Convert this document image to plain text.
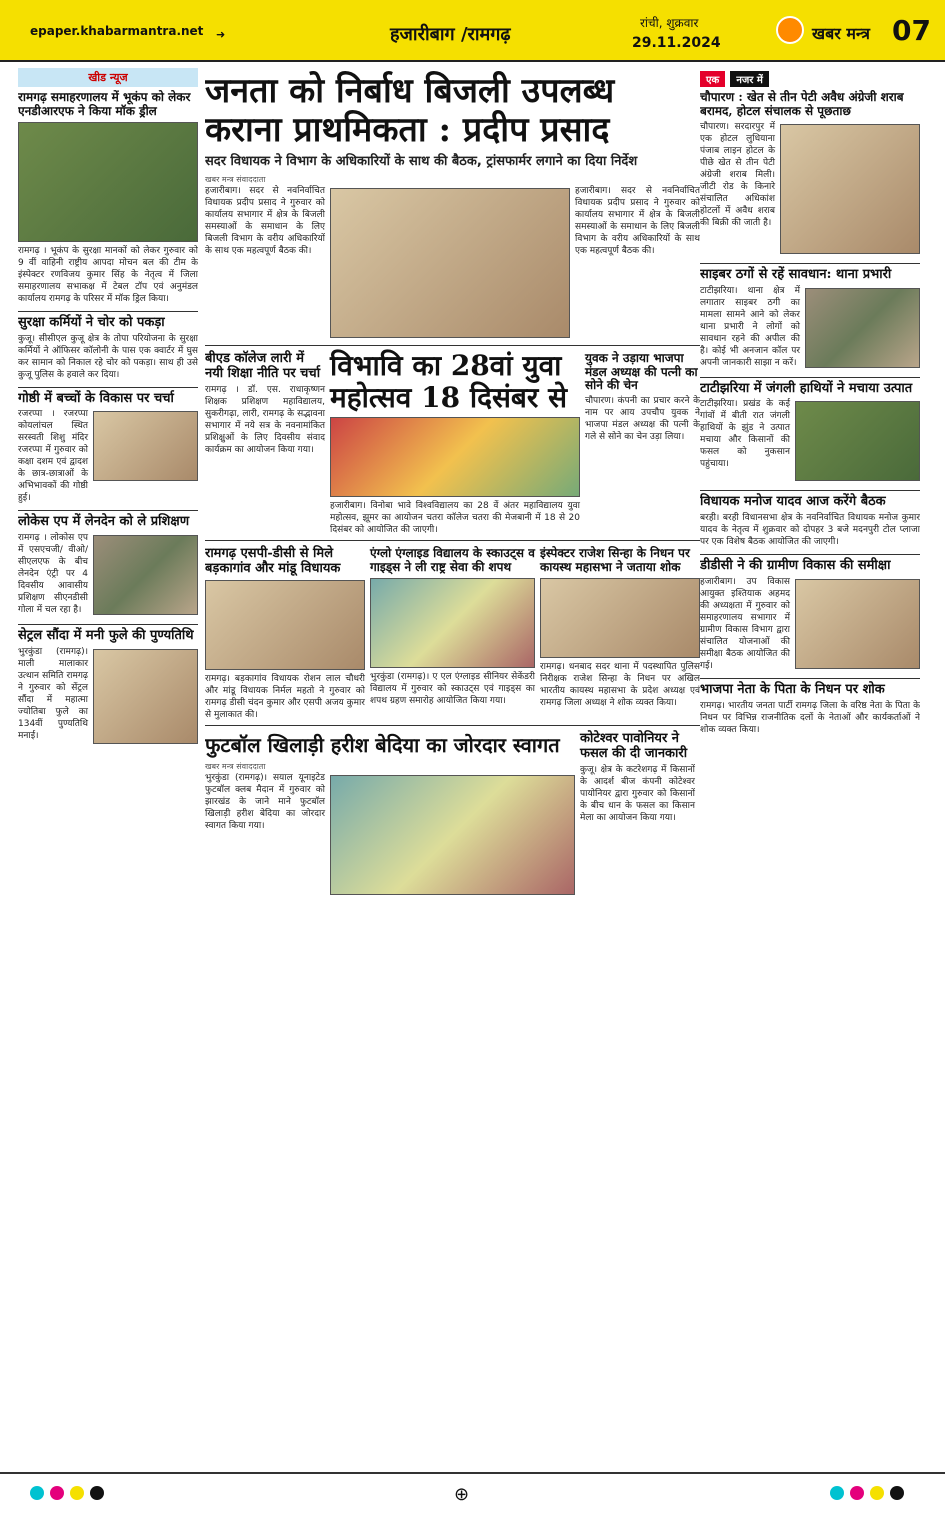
epaper.khabarmantra.net ➜	हजारीबाग /रामगढ़
रांची, शुक्रवार
29.11.2024	खबर मन्त्र 07
खीड न्यूज
रामगढ़ समाहरणालय में भूकंप को लेकर एनडीआरएफ ने किया मॉक ड्रील

रामगढ़ । भूकंप के सुरक्षा मानकों को लेकर गुरुवार को 9 वीं वाहिनी राष्ट्रीय आपदा मोचन बल की टीम के इंस्पेक्टर रणविजय कुमार सिंह के नेतृत्व में जिला समाहरणालय सभाकक्ष में टेबल टॉप एवं अनुमंडल कार्यालय रामगढ़ के परिसर में मॉक ड्रिल किया।

सुरक्षा कर्मियों ने चोर को पकड़ा

कुजू। सीसीएल कुजू क्षेत्र के तोपा परियोजना के सुरक्षा कर्मियों ने ऑफिसर कॉलोनी के पास एक क्वार्टर में घुस कर सामान को निकाल रहे चोर को पकड़ा। साथ ही उसे कुजू पुलिस के हवाले कर दिया।

गोष्ठी में बच्चों के विकास पर चर्चा

रजरप्पा । रजरप्पा कोयलांचल स्थित सरस्वती शिशु मंदिर रजरप्पा में गुरुवार को कक्षा दशम एवं द्वादश के छात्र-छात्राओं के अभिभावकों की गोष्ठी हुई।

लोकेस एप में लेनदेन को ले प्रशिक्षण

रामगढ़ । लोकोस एप में एसएचजी/ वीओ/ सीएलएफ के बीच लेनदेन एंट्री पर 4 दिवसीय आवासीय प्रशिक्षण सीएनडीसी गोला में चल रहा है।

सेट्रल सौंदा में मनी फुले की पुण्यतिथि

भुरकुंडा (रामगढ़)। माली मालाकार उत्थान समिति रामगढ़ ने गुरुवार को सेंट्रल सौंदा में महात्मा ज्योतिबा फुले का 134वीं पुण्यतिथि मनाई।

जनता को निर्बाध बिजली उपलब्ध कराना प्राथमिकता : प्रदीप प्रसाद
सदर विधायक ने विभाग के अधिकारियों के साथ की बैठक, ट्रांसफार्मर लगाने का दिया निर्देश
खबर मन्त्र संवाददाता

हजारीबाग। सदर से नवनिर्वाचित विधायक प्रदीप प्रसाद ने गुरुवार को कार्यालय सभागार में क्षेत्र के बिजली समस्याओं के समाधान के लिए बिजली विभाग के वरीय अधिकारियों के साथ एक महत्वपूर्ण बैठक की।

हजारीबाग। सदर से नवनिर्वाचित विधायक प्रदीप प्रसाद ने गुरुवार को कार्यालय सभागार में क्षेत्र के बिजली समस्याओं के समाधान के लिए बिजली विभाग के वरीय अधिकारियों के साथ एक महत्वपूर्ण बैठक की।

बीएड कॉलेज लारी में नयी शिक्षा नीति पर चर्चा

रामगढ़ । डॉ. एस. राधाकृष्णन शिक्षक प्रशिक्षण महाविद्यालय, सुकरीगढ़ा, लारी, रामगढ़ के सद्भावना सभागार में नये सत्र के नवनामांकित प्रशिक्षुओं के लिए दिवसीय संवाद कार्यक्रम का आयोजन किया गया।

विभावि का 28वां युवा महोत्सव 18 दिसंबर से

हजारीबाग। विनोबा भावे विश्वविद्यालय का 28 वें अंतर महाविद्यालय युवा महोत्सव, झूमर का आयोजन चतरा कॉलेज चतरा की मेजबानी में 18 से 20 दिसंबर को आयोजित की जाएगी।

युवक ने उड़ाया भाजपा मंडल अध्यक्ष की पत्नी का सोने की चेन

चौपारण। कंपनी का प्रचार करने के नाम पर आय उपचौप युवक ने भाजपा मंडल अध्यक्ष की पत्नी के गले से सोने का चेन उड़ा लिया।

रामगढ़ एसपी-डीसी से मिले बड़कागांव और मांडू विधायक

रामगढ़। बड़कागांव विधायक रोशन लाल चौधरी और मांडू विधायक निर्मल महतो ने गुरुवार को रामगढ़ डीसी चंदन कुमार और एसपी अजय कुमार से मुलाकात की।

एंग्लो एंग्लाइड विद्यालय के स्काउट्स व गाइड्स ने ली राष्ट्र सेवा की शपथ

भुरकुंडा (रामगढ़)। ए एल एंग्लाइड सीनियर सेकेंडरी विद्यालय में गुरुवार को स्काउट्स एवं गाइड्स का शपथ ग्रहण समारोह आयोजित किया गया।

इंस्पेक्टर राजेश सिन्हा के निधन पर कायस्थ महासभा ने जताया शोक

रामगढ़। धनबाद सदर थाना में पदस्थापित पुलिस निरीक्षक राजेश सिन्हा के निधन पर अखिल भारतीय कायस्थ महासभा के प्रदेश अध्यक्ष एवं रामगढ़ जिला अध्यक्ष ने शोक व्यक्त किया।

फुटबॉल खिलाड़ी हरीश बेदिया का जोरदार स्वागत
खबर मन्त्र संवाददाता

भुरकुंडा (रामगढ़)। सयाल यूनाइटेड फुटबॉल क्लब मैदान में गुरुवार को झारखंड के जाने माने फुटबॉल खिलाड़ी हरीश बेदिया का जोरदार स्वागत किया गया।

कोटेश्वर पावोनियर ने फसल की दी जानकारी

कुजू। क्षेत्र के कटरेशगढ़ में किसानों के आदर्श बीज कंपनी कोटेश्वर पायोनियर द्वारा गुरुवार को किसानों के बीच धान के फसल का किसान मेला का आयोजन किया गया।

एक नजर में
चौपारण : खेत से तीन पेटी अवैध अंग्रेजी शराब बरामद, होटल संचालक से पूछताछ

चौपारण। सरदारपुर में एक होटल लुधियाना पंजाब लाइन होटल के पीछे खेत से तीन पेटी अंग्रेजी शराब मिली। जीटी रोड के किनारे संचालित अधिकांश होटलों में अवैध शराब की बिक्री की जाती है।

साइबर ठगों से रहें सावधान: थाना प्रभारी

टाटीझरिया। थाना क्षेत्र में लगातार साइबर ठगी का मामला सामने आने को लेकर थाना प्रभारी ने लोगों को सावधान रहने की अपील की है। कोई भी अनजान कॉल पर अपनी जानकारी साझा न करें।

टाटीझरिया में जंगली हाथियों ने मचाया उत्पात

टाटीझरिया। प्रखंड के कई गांवों में बीती रात जंगली हाथियों के झुंड ने उत्पात मचाया और किसानों की फसल को नुकसान पहुंचाया।

विधायक मनोज यादव आज करेंगे बैठक

बरही। बरही विधानसभा क्षेत्र के नवनिर्वाचित विधायक मनोज कुमार यादव के नेतृत्व में शुक्रवार को दोपहर 3 बजे मदनपुरी टोल प्लाजा पर एक विशेष बैठक आयोजित की जाएगी।

डीडीसी ने की ग्रामीण विकास की समीक्षा

हजारीबाग। उप विकास आयुक्त इश्तियाक अहमद की अध्यक्षता में गुरुवार को समाहरणालय सभागार में ग्रामीण विकास विभाग द्वारा संचालित योजनाओं की समीक्षा बैठक आयोजित की गई।

भाजपा नेता के पिता के निधन पर शोक

रामगढ़। भारतीय जनता पार्टी रामगढ़ जिला के वरिष्ठ नेता के पिता के निधन पर विभिन्न राजनीतिक दलों के नेताओं और कार्यकर्ताओं ने शोक व्यक्त किया।

⊕
